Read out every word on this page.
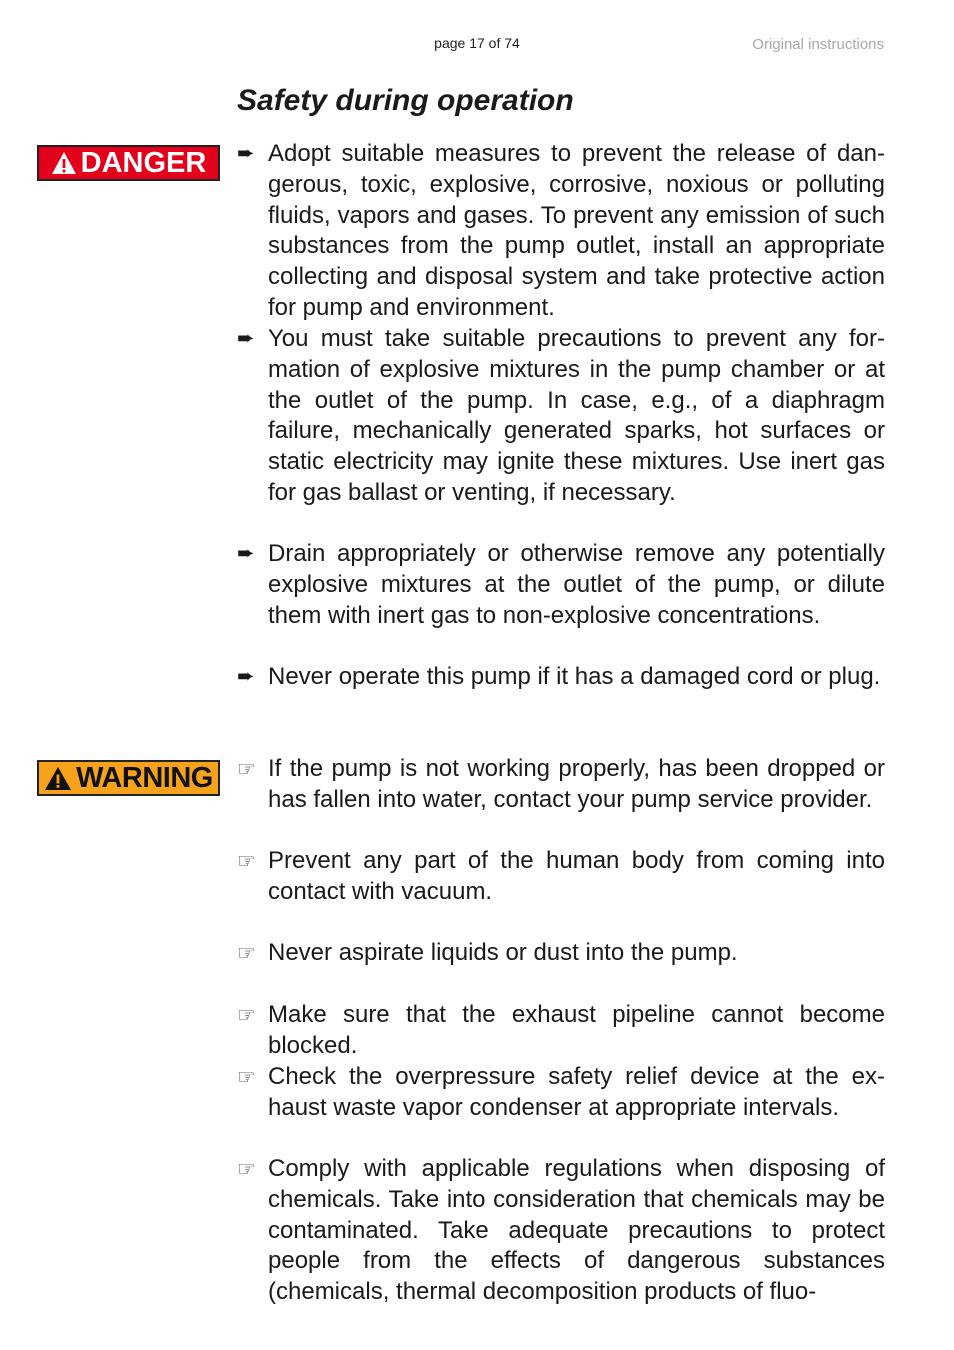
page 17 of 74	Original instructions
Safety during operation
DANGER
WARNING
➨ Adopt suitable measures to prevent the release of dangerous, toxic, explosive, corrosive, noxious or polluting fluids, vapors and gases. To prevent any emission of such substances from the pump outlet, install an appropriate collecting and disposal system and take protective action for pump and environment.
➨ You must take suitable precautions to prevent any formation of explosive mixtures in the pump chamber or at the outlet of the pump. In case, e.g., of a diaphragm failure, mechanically generated sparks, hot surfaces or static electricity may ignite these mixtures. Use inert gas for gas ballast or venting, if necessary.
➨ Drain appropriately or otherwise remove any potentially explosive mixtures at the outlet of the pump, or dilute them with inert gas to non-explosive concentrations.
➨ Never operate this pump if it has a damaged cord or plug.
☞ If the pump is not working properly, has been dropped or has fallen into water, contact your pump service provider.
☞ Prevent any part of the human body from coming into contact with vacuum.
☞ Never aspirate liquids or dust into the pump.
☞ Make sure that the exhaust pipeline cannot become blocked.
☞ Check the overpressure safety relief device at the exhaust waste vapor condenser at appropriate intervals.
☞ Comply with applicable regulations when disposing of chemicals. Take into consideration that chemicals may be contaminated. Take adequate precautions to protect people from the effects of dangerous substances (chemicals, thermal decomposition products of fluo-
